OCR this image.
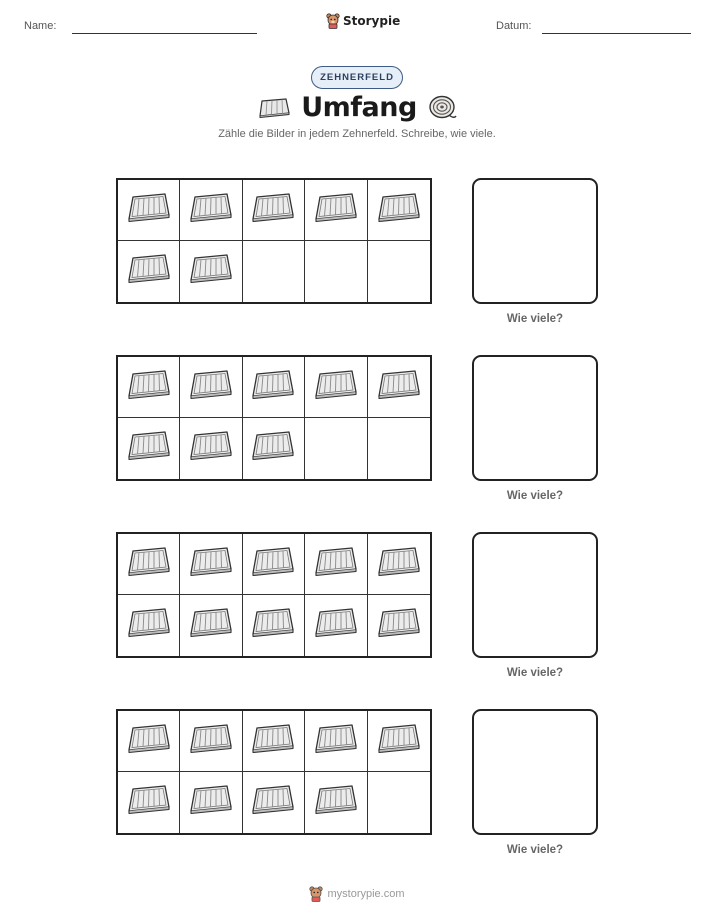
Name:	Storypie	Datum:
ZEHNERFELD
Umfang
Zähle die Bilder in jedem Zehnerfeld. Schreibe, wie viele.
Wie viele?
Wie viele?
Wie viele?
Wie viele?
mystorypie.com
